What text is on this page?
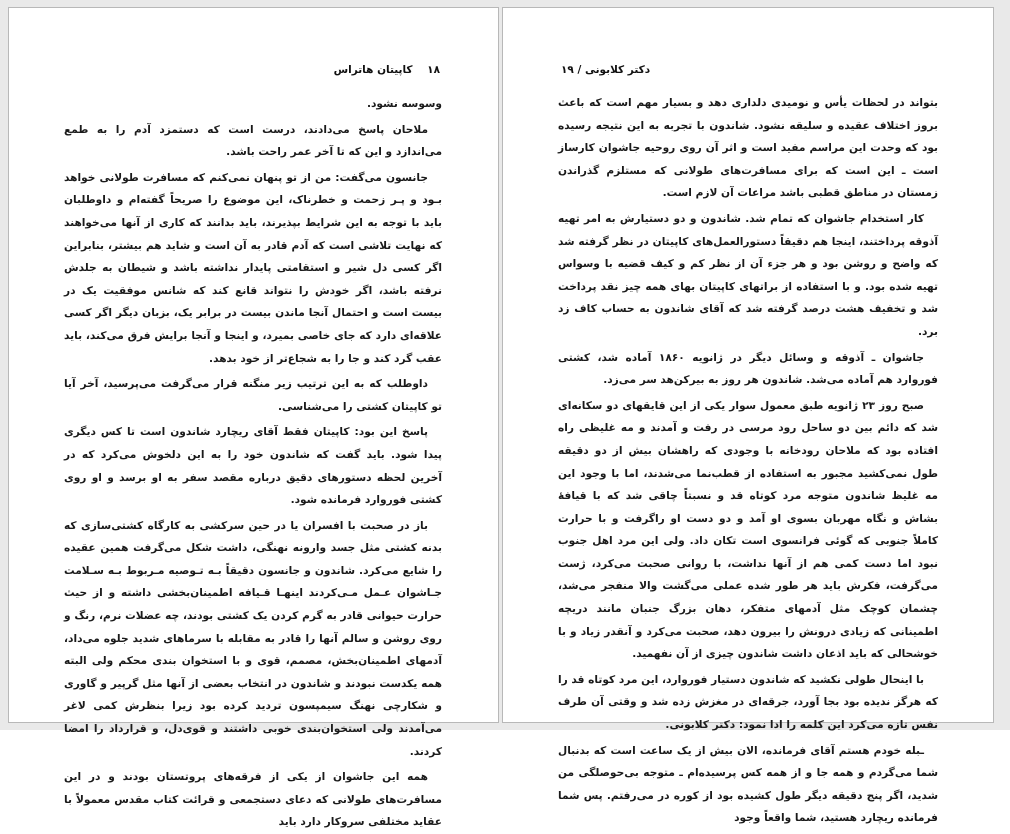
۱۸    کاپیتان هاتراس

وسوسه نشود.

ملاحان پاسخ می‌دادند، درست است که دستمزد آدم را به طمع می‌اندازد و این که تا آخر عمر راحت باشد.

جانسون می‌گفت: من از تو پنهان نمی‌کنم که مسافرت طولانی خواهد بـود و پـر زحمت و خطرناک، این موضوع را صریحاً گفته‌ام و داوطلبان باید با توجه به این شرایط بپذیرند، باید بدانند که کاری از آنها می‌خواهند که نهایت تلاشی است که آدم قادر به آن است و شاید هم بیشتر، بنابراین اگر کسی دل شیر و استقامتی پایدار نداشته باشد و شیطان به جلدش نرفته باشد، اگر خودش را نتواند قانع کند که شانس موفقیت یک در بیست است و احتمال آنجا ماندن بیست در برابر یک، بزبان دیگر اگر کسی علاقه‌ای دارد که جای خاصی بمیرد، و اینجا و آنجا برایش فرق می‌کند، باید عقب گرد کند و جا را به شجاع‌تر از خود بدهد.

داوطلب که به این ترتیب زیر منگنه قرار می‌گرفت می‌پرسید، آخر آیا تو کاپیتان کشتی را می‌شناسی.

پاسخ این بود: کاپیتان فقط آقای ریچارد شاندون است تا کس دیگری پیدا شود. باید گفت که شاندون خود را به این دلخوش می‌کرد که در آخرین لحظه دستورهای دقیق درباره مقصد سفر به او برسد و او روی کشتی فوروارد فرمانده شود.

باز در صحبت با افسران یا در حین سرکشی به کارگاه کشتی‌سازی که بدنه کشتی مثل جسد وارونه نهنگی، داشت شکل می‌گرفت همین عقیده را شایع می‌کرد. شاندون و جانسون دقیقاً بـه تـوصیه مـربوط بـه سـلامت جـاشوان عـمل مـی‌کردند اینهـا قـیافه اطمینان‌بخشی داشته و از حیث حرارت حیوانی قادر به گرم کردن یک کشتی بودند، چه عضلات نرم، رنگ و روی روشن و سالم آنها را قادر به مقابله با سرماهای شدید جلوه می‌داد، آدمهای اطمینان‌بخش، مصمم، قوی و با استخوان بندی محکم ولی البته همه یکدست نبودند و شاندون در انتخاب بعضی از آنها مثل گرپیر و گاوری و شکارچی نهنگ سیمپسون تردید کرده بود زیرا بنظرش کمی لاغر می‌آمدند ولی استخوان‌بندی خوبی داشتند و قوی‌دل، و قرارداد را امضا کردند.

همه این جاشوان از یکی از فرقه‌های پروتستان بودند و در این مسافرت‌های طولانی که دعای دستجمعی و قرائت کتاب مقدس معمولاً با عقاید مختلفی سروکار دارد باید

دکتر کلابونی / ۱۹

بتواند در لحظات یأس و نومیدی دلداری دهد و بسیار مهم است که باعث بروز اختلاف عقیده و سلیقه نشود. شاندون با تجربه به این نتیجه رسیده بود که وحدت این مراسم مفید است و اثر آن روی روحیه جاشوان کارساز است ـ این است که برای مسافرت‌های طولانی که مستلزم گذراندن زمستان در مناطق قطبی باشد مراعات آن لازم است.

کار استخدام جاشوان که تمام شد. شاندون و دو دستیارش به امر تهیه آذوقه پرداختند، اینجا هم دقیقاً دستورالعمل‌های کاپیتان در نظر گرفته شد که واضح و روشن بود و هر جزء آن از نظر کم و کیف قضیه با وسواس تهیه شده بود. و با استفاده از براتهای کاپیتان بهای همه چیز نقد پرداخت شد و تخفیف هشت درصد گرفته شد که آقای شاندون به حساب کاف زد برد.

جاشوان ـ آذوقه و وسائل دیگر در ژانویه ۱۸۶۰ آماده شد، کشتی فوروارد هم آماده می‌شد. شاندون هر روز به بیرکن‌هد سر می‌زد.

صبح روز ۲۳ ژانویه طبق معمول سوار یکی از این قایقهای دو سکانه‌ای شد که دائم بین دو ساحل رود مرسی در رفت و آمدند و مه غلیظی راه افتاده بود که ملاحان رودخانه با وجودی که راهشان بیش از دو دقیقه طول نمی‌کشید مجبور به استفاده از قطب‌نما می‌شدند، اما با وجود این مه غلیظ شاندون متوجه مرد کوتاه قد و نسبتاً چاقی شد که با قیافهٔ بشاش و نگاه مهربان بسوی او آمد و دو دست او راگرفت و با حرارت کاملاً جنوبی که گوئی فرانسوی است تکان داد. ولی این مرد اهل جنوب نبود اما دست کمی هم از آنها نداشت، با روانی صحبت می‌کرد، ژست می‌گرفت، فکرش باید هر طور شده عملی می‌گشت والا منفجر می‌شد، چشمان کوچک مثل آدمهای متفکر، دهان بزرگ جنبان مانند دریچه اطمینانی که زیادی درونش را بیرون دهد، صحبت می‌کرد و آنقدر زیاد و با خوشحالی که باید اذعان داشت شاندون چیزی از آن نفهمید.

با اینحال طولی نکشید که شاندون دستیار فوروارد، این مرد کوتاه قد را که هرگز ندیده بود بجا آورد، جرقه‌ای در مغزش زده شد و وقتی آن طرف نفس تازه می‌کرد این کلمه را ادا نمود: دکتر کلابونی.

ـبله خودم هستم آقای فرمانده، الان بیش از یک ساعت است که بدنبال شما می‌گردم و همه جا و از همه کس پرسیده‌ام ـ متوجه بی‌حوصلگی من شدید، اگر پنج دقیقه دیگر طول کشیده بود از کوره در می‌رفتم. پس شما فرمانده ریچارد هستید، شما واقعاً وجود
